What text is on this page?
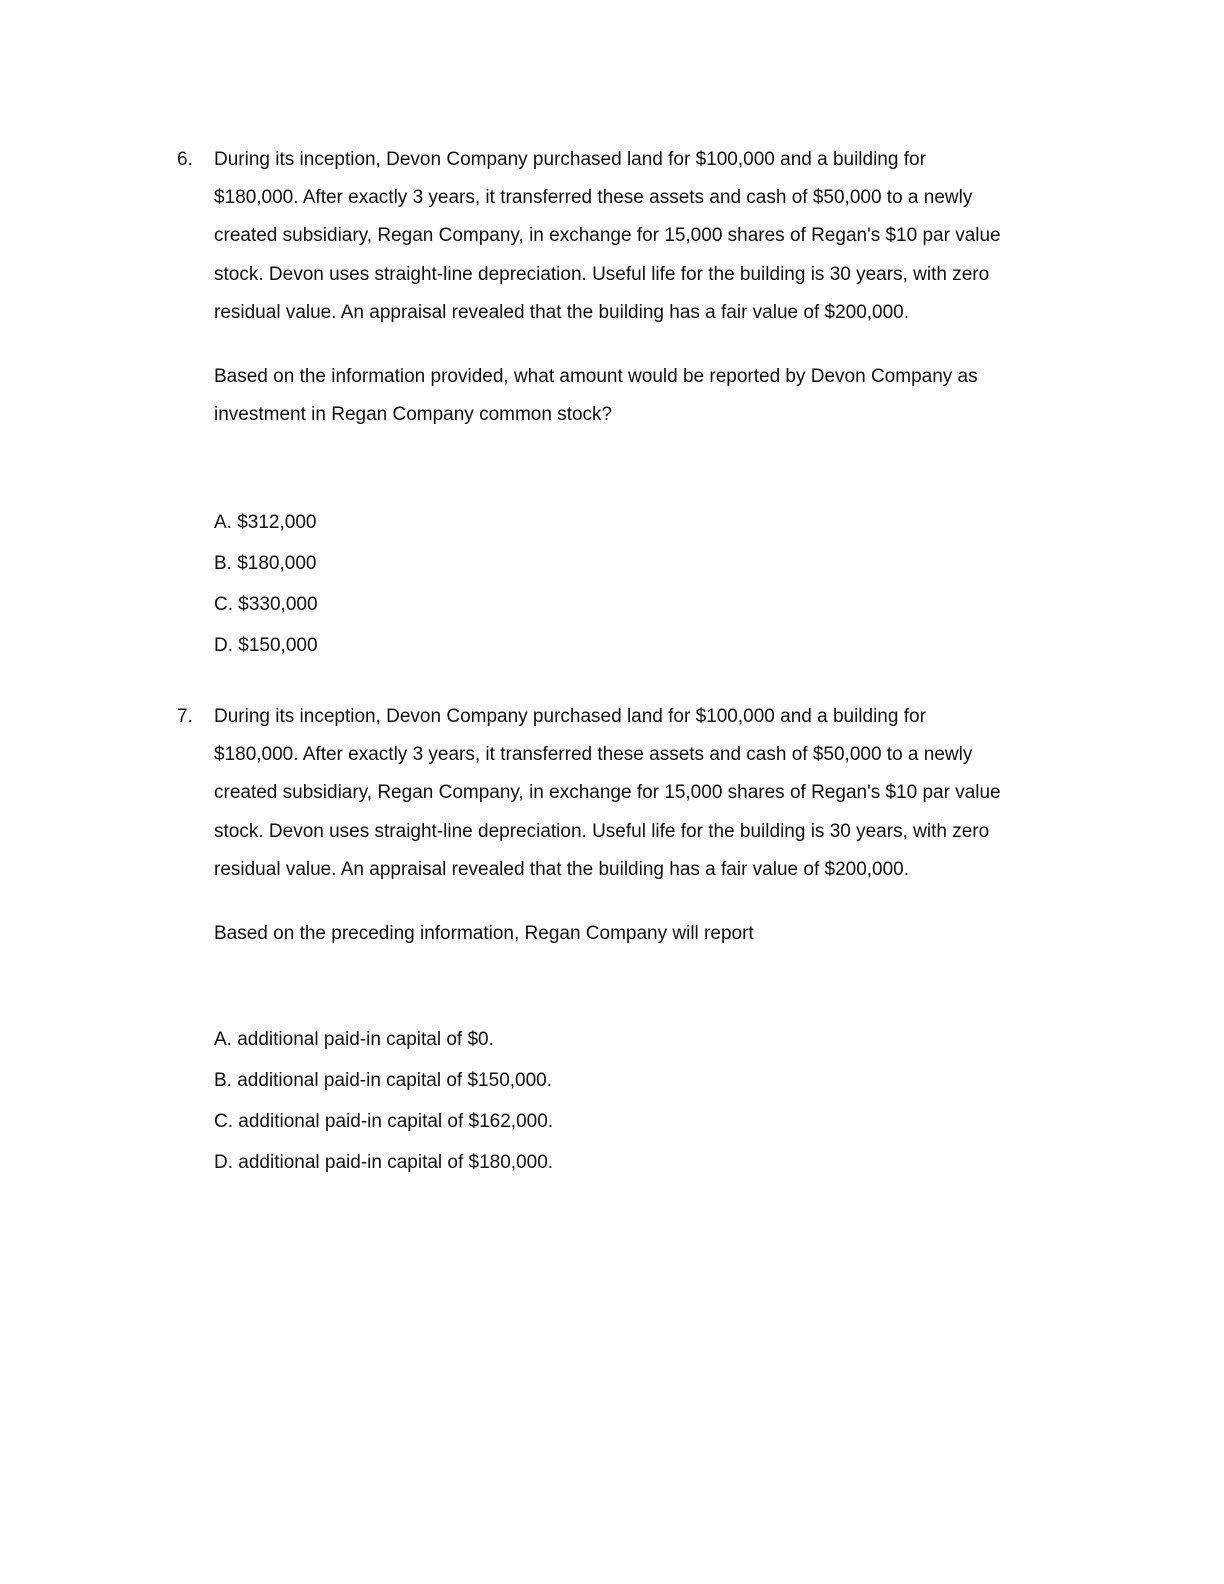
6. During its inception, Devon Company purchased land for $100,000 and a building for
$180,000. After exactly 3 years, it transferred these assets and cash of $50,000 to a newly
created subsidiary, Regan Company, in exchange for 15,000 shares of Regan's $10 par value
stock. Devon uses straight-line depreciation. Useful life for the building is 30 years, with zero
residual value. An appraisal revealed that the building has a fair value of $200,000.
Based on the information provided, what amount would be reported by Devon Company as
investment in Regan Company common stock?
A. $312,000
B. $180,000
C. $330,000
D. $150,000
7. During its inception, Devon Company purchased land for $100,000 and a building for
$180,000. After exactly 3 years, it transferred these assets and cash of $50,000 to a newly
created subsidiary, Regan Company, in exchange for 15,000 shares of Regan's $10 par value
stock. Devon uses straight-line depreciation. Useful life for the building is 30 years, with zero
residual value. An appraisal revealed that the building has a fair value of $200,000.
Based on the preceding information, Regan Company will report
A. additional paid-in capital of $0.
B. additional paid-in capital of $150,000.
C. additional paid-in capital of $162,000.
D. additional paid-in capital of $180,000.
